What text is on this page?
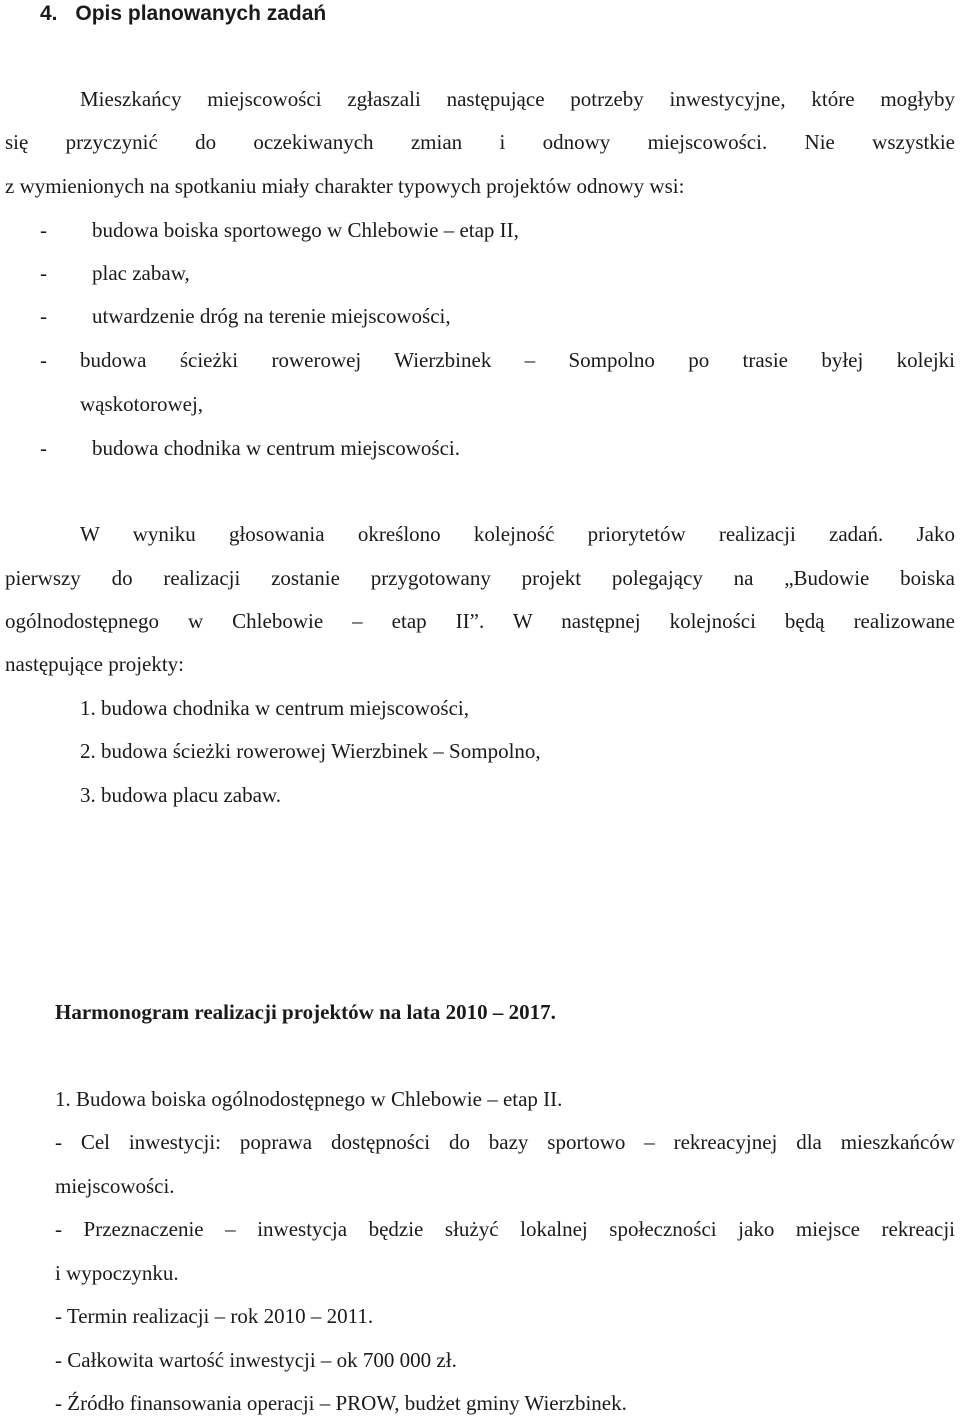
4. Opis planowanych zadań
Mieszkańcy miejscowości zgłaszali następujące potrzeby inwestycyjne, które mogłyby
się przyczynić do oczekiwanych zmian i odnowy miejscowości. Nie wszystkie
z wymienionych na spotkaniu miały charakter typowych projektów odnowy wsi:
- budowa boiska sportowego w Chlebowie – etap II,
- plac zabaw,
- utwardzenie dróg na terenie miejscowości,
-	budowa ścieżki rowerowej Wierzbinek – Sompolno po trasie byłej kolejki
wąskotorowej,
- budowa chodnika w centrum miejscowości.
W wyniku głosowania określono kolejność priorytetów realizacji zadań. Jako
pierwszy do realizacji zostanie przygotowany projekt polegający na „Budowie boiska
ogólnodostępnego w Chlebowie – etap II”. W następnej kolejności będą realizowane
następujące projekty:
1. budowa chodnika w centrum miejscowości,
2. budowa ścieżki rowerowej Wierzbinek – Sompolno,
3. budowa placu zabaw.
Harmonogram realizacji projektów na lata 2010 – 2017.
1. Budowa boiska ogólnodostępnego w Chlebowie – etap II.
- Cel inwestycji: poprawa dostępności do bazy sportowo – rekreacyjnej dla mieszkańców
miejscowości.
- Przeznaczenie – inwestycja będzie służyć lokalnej społeczności jako miejsce rekreacji
i wypoczynku.
- Termin realizacji – rok 2010 – 2011.
- Całkowita wartość inwestycji – ok 700 000 zł.
- Źródło finansowania operacji – PROW, budżet gminy Wierzbinek.
